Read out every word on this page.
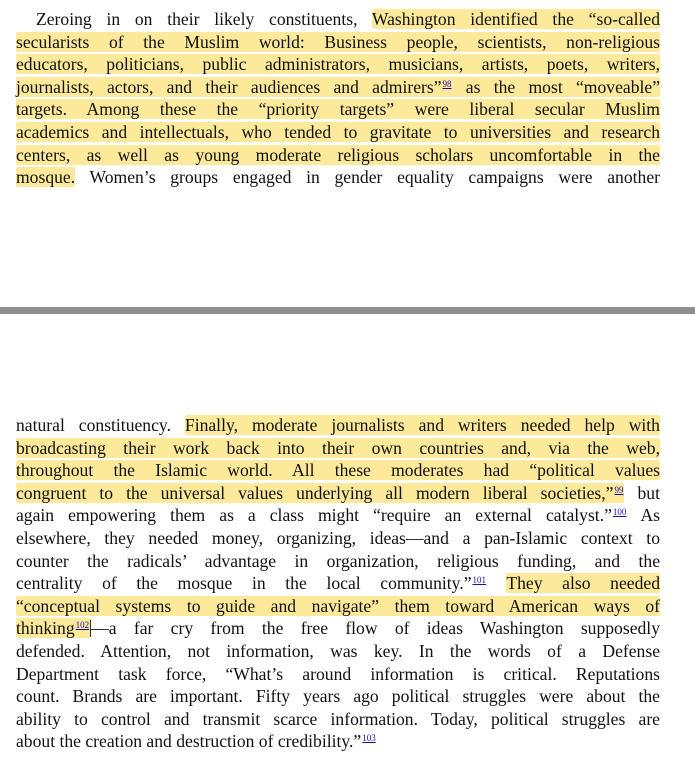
Zeroing in on their likely constituents, Washington identified the “so-called
secularists of the Muslim world: Business people, scientists, non-religious
educators, politicians, public administrators, musicians, artists, poets, writers,
journalists, actors, and their audiences and admirers”$^{98}$ as the most “moveable”
targets. Among these the “priority targets” were liberal secular Muslim
academics and intellectuals, who tended to gravitate to universities and research
centers, as well as young moderate religious scholars uncomfortable in the
mosque. Women’s groups engaged in gender equality campaigns were another
natural constituency. Finally, moderate journalists and writers needed help with
broadcasting their work back into their own countries and, via the web,
throughout the Islamic world. All these moderates had “political values
congruent to the universal values underlying all modern liberal societies,”$^{99}$ but
again empowering them as a class might “require an external catalyst.”$^{100}$ As
elsewhere, they needed money, organizing, ideas—and a pan-Islamic context to
counter the radicals’ advantage in organization, religious funding, and the
centrality of the mosque in the local community.”$^{101}$ They also needed
“conceptual systems to guide and navigate” them toward American ways of
thinking$^{102}$ —a far cry from the free flow of ideas Washington supposedly
defended. Attention, not information, was key. In the words of a Defense
Department task force, “What’s around information is critical. Reputations
count. Brands are important. Fifty years ago political struggles were about the
ability to control and transmit scarce information. Today, political struggles are
about the creation and destruction of credibility.”$^{103}$
